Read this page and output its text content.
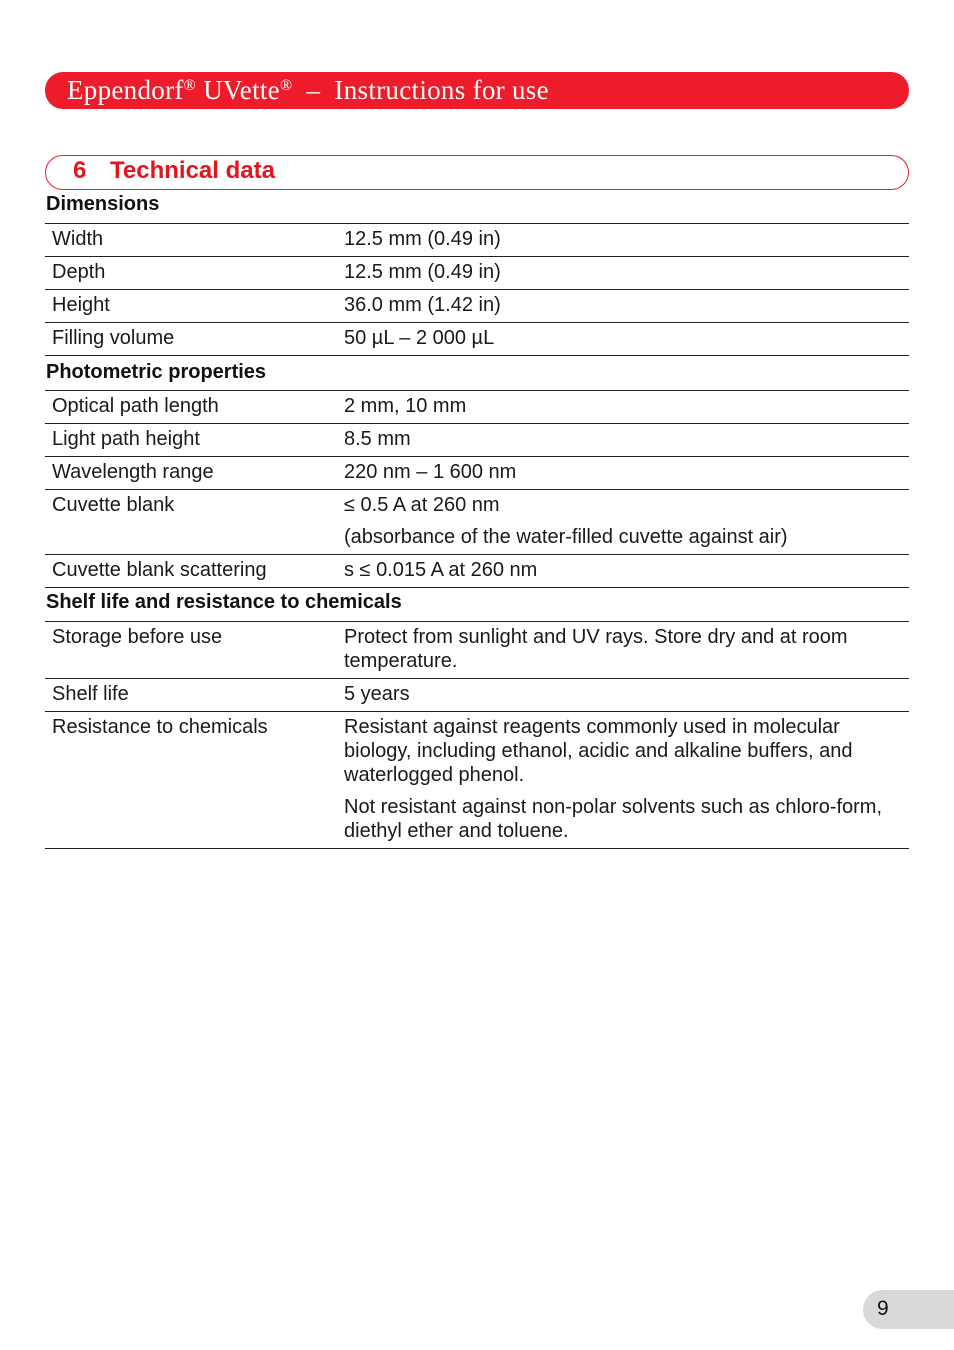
Eppendorf® UVette®  –  Instructions for use
6 Technical data
Dimensions
Width	12.5 mm (0.49 in)

Depth	12.5 mm (0.49 in)

Height	36.0 mm (1.42 in)

Filling volume	50 µL – 2 000 µL

Photometric properties
Optical path length	2 mm, 10 mm

Light path height	8.5 mm

Wavelength range	220 nm – 1 600 nm

Cuvette blank	≤ 0.5 A at 260 nm

(absorbance of the water-filled cuvette against air)

Cuvette blank scattering	s ≤ 0.015 A at 260 nm

Shelf life and resistance to chemicals
Storage before use	Protect from sunlight and UV rays. Store dry and at room temperature.

Shelf life	5 years

Resistance to chemicals	Resistant against reagents commonly used in molecular biology, including ethanol, acidic and alkaline buffers, and waterlogged phenol.

Not resistant against non-polar solvents such as chloro-form, diethyl ether and toluene.

9
